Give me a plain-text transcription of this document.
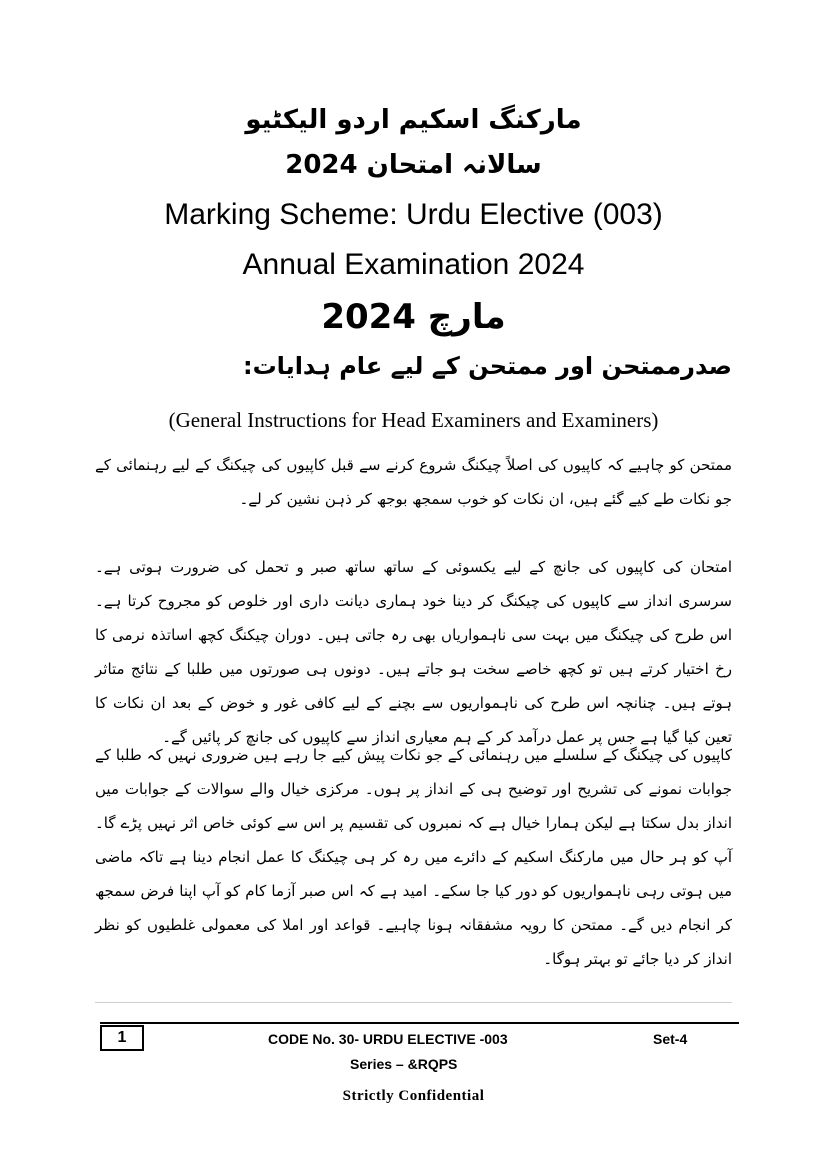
مارکنگ اسکیم اردو الیکٹیو
سالانہ امتحان 2024
Marking Scheme: Urdu Elective (003)
Annual Examination 2024
مارچ 2024
صدرممتحن اور ممتحن کے لیے عام ہدایات:
(General Instructions for Head Examiners and Examiners)
ممتحن کو چاہیے کہ کاپیوں کی اصلاً چیکنگ شروع کرنے سے قبل کاپیوں کی چیکنگ کے لیے رہنمائی کے جو نکات طے کیے گئے ہیں، ان نکات کو خوب سمجھ بوجھ کر ذہن نشین کر لے۔
امتحان کی کاپیوں کی جانچ کے لیے یکسوئی کے ساتھ ساتھ صبر و تحمل کی ضرورت ہوتی ہے۔ سرسری انداز سے کاپیوں کی چیکنگ کر دینا خود ہماری دیانت داری اور خلوص کو مجروح کرتا ہے۔ اس طرح کی چیکنگ میں بہت سی ناہمواریاں بھی رہ جاتی ہیں۔ دوران چیکنگ کچھ اساتذہ نرمی کا رخ اختیار کرتے ہیں تو کچھ خاصے سخت ہو جاتے ہیں۔ دونوں ہی صورتوں میں طلبا کے نتائج متاثر ہوتے ہیں۔ چنانچہ اس طرح کی ناہمواریوں سے بچنے کے لیے کافی غور و خوض کے بعد ان نکات کا تعین کیا گیا ہے جس پر عمل درآمد کر کے ہم معیاری انداز سے کاپیوں کی جانچ کر پائیں گے۔
کاپیوں کی چیکنگ کے سلسلے میں رہنمائی کے جو نکات پیش کیے جا رہے ہیں ضروری نہیں کہ طلبا کے جوابات نمونے کی تشریح اور توضیح ہی کے انداز پر ہوں۔ مرکزی خیال والے سوالات کے جوابات میں انداز بدل سکتا ہے لیکن ہمارا خیال ہے کہ نمبروں کی تقسیم پر اس سے کوئی خاص اثر نہیں پڑے گا۔ آپ کو ہر حال میں مارکنگ اسکیم کے دائرے میں رہ کر ہی چیکنگ کا عمل انجام دینا ہے تاکہ ماضی میں ہوتی رہی ناہمواریوں کو دور کیا جا سکے۔ امید ہے کہ اس صبر آزما کام کو آپ اپنا فرض سمجھ کر انجام دیں گے۔ ممتحن کا رویہ مشفقانہ ہونا چاہیے۔ قواعد اور املا کی معمولی غلطیوں کو نظر انداز کر دیا جائے تو بہتر ہوگا۔
1	CODE No. 30- URDU ELECTIVE -003	Set-4
Series – &RQPS
Strictly Confidential
